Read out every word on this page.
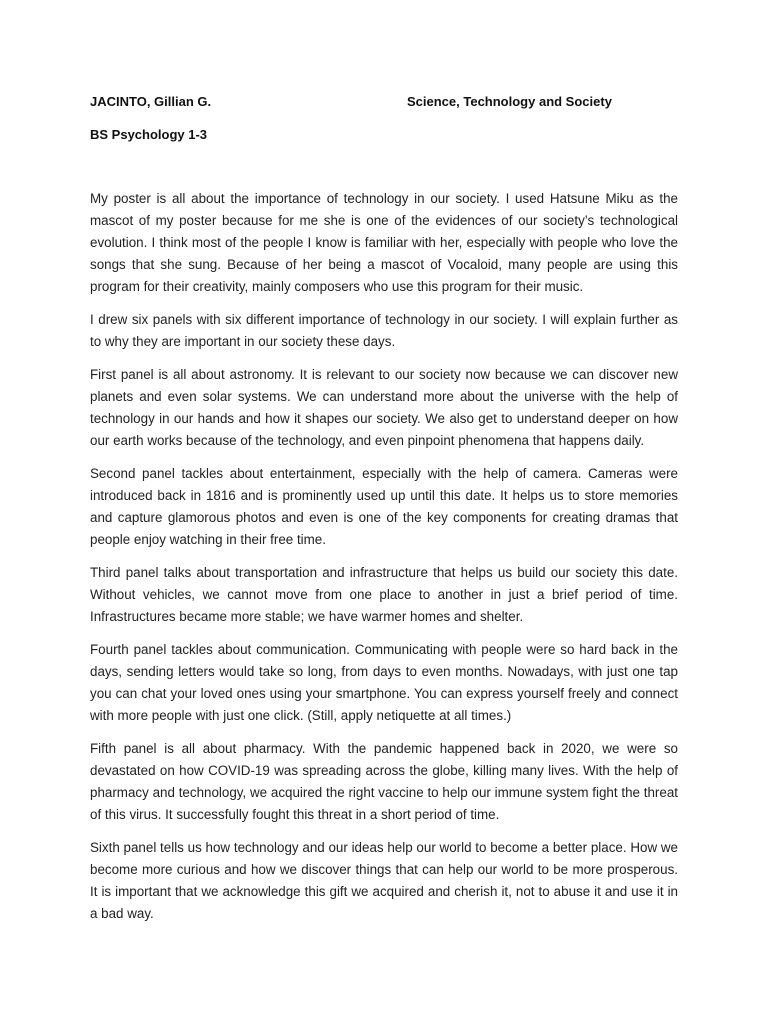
JACINTO, Gillian G.	Science, Technology and Society
BS Psychology 1-3

My poster is all about the importance of technology in our society. I used Hatsune Miku as the mascot of my poster because for me she is one of the evidences of our society’s technological evolution. I think most of the people I know is familiar with her, especially with people who love the songs that she sung. Because of her being a mascot of Vocaloid, many people are using this program for their creativity, mainly composers who use this program for their music.

I drew six panels with six different importance of technology in our society. I will explain further as to why they are important in our society these days.

First panel is all about astronomy. It is relevant to our society now because we can discover new planets and even solar systems. We can understand more about the universe with the help of technology in our hands and how it shapes our society. We also get to understand deeper on how our earth works because of the technology, and even pinpoint phenomena that happens daily.

Second panel tackles about entertainment, especially with the help of camera. Cameras were introduced back in 1816 and is prominently used up until this date. It helps us to store memories and capture glamorous photos and even is one of the key components for creating dramas that people enjoy watching in their free time.

Third panel talks about transportation and infrastructure that helps us build our society this date. Without vehicles, we cannot move from one place to another in just a brief period of time. Infrastructures became more stable; we have warmer homes and shelter.

Fourth panel tackles about communication. Communicating with people were so hard back in the days, sending letters would take so long, from days to even months. Nowadays, with just one tap you can chat your loved ones using your smartphone. You can express yourself freely and connect with more people with just one click. (Still, apply netiquette at all times.)

Fifth panel is all about pharmacy. With the pandemic happened back in 2020, we were so devastated on how COVID-19 was spreading across the globe, killing many lives. With the help of pharmacy and technology, we acquired the right vaccine to help our immune system fight the threat of this virus. It successfully fought this threat in a short period of time.

Sixth panel tells us how technology and our ideas help our world to become a better place. How we become more curious and how we discover things that can help our world to be more prosperous. It is important that we acknowledge this gift we acquired and cherish it, not to abuse it and use it in a bad way.
